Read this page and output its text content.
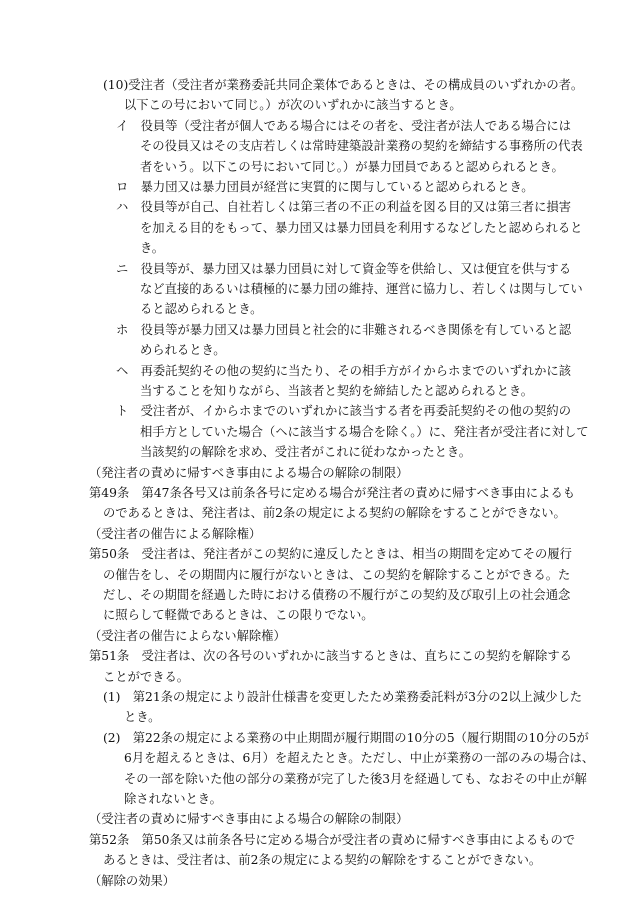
(10)受注者（受注者が業務委託共同企業体であるときは、その構成員のいずれかの者。
以下この号において同じ。）が次のいずれかに該当するとき。
イ　役員等（受注者が個人である場合にはその者を、受注者が法人である場合には
その役員又はその支店若しくは常時建築設計業務の契約を締結する事務所の代表
者をいう。以下この号において同じ。）が暴力団員であると認められるとき。
ロ　暴力団又は暴力団員が経営に実質的に関与していると認められるとき。
ハ　役員等が自己、自社若しくは第三者の不正の利益を図る目的又は第三者に損害
を加える目的をもって、暴力団又は暴力団員を利用するなどしたと認められると
き。
ニ　役員等が、暴力団又は暴力団員に対して資金等を供給し、又は便宜を供与する
など直接的あるいは積極的に暴力団の維持、運営に協力し、若しくは関与してい
ると認められるとき。
ホ　役員等が暴力団又は暴力団員と社会的に非難されるべき関係を有していると認
められるとき。
ヘ　再委託契約その他の契約に当たり、その相手方がイからホまでのいずれかに該
当することを知りながら、当該者と契約を締結したと認められるとき。
ト　受注者が、イからホまでのいずれかに該当する者を再委託契約その他の契約の
相手方としていた場合（ヘに該当する場合を除く。）に、発注者が受注者に対して
当該契約の解除を求め、受注者がこれに従わなかったとき。
（発注者の責めに帰すべき事由による場合の解除の制限）
第49条　第47条各号又は前条各号に定める場合が発注者の責めに帰すべき事由によるも
のであるときは、発注者は、前2条の規定による契約の解除をすることができない。
（受注者の催告による解除権）
第50条　受注者は、発注者がこの契約に違反したときは、相当の期間を定めてその履行
の催告をし、その期間内に履行がないときは、この契約を解除することができる。た
だし、その期間を経過した時における債務の不履行がこの契約及び取引上の社会通念
に照らして軽微であるときは、この限りでない。
（受注者の催告によらない解除権）
第51条　受注者は、次の各号のいずれかに該当するときは、直ちにこの契約を解除する
ことができる。
(1)　第21条の規定により設計仕様書を変更したため業務委託料が3分の2以上減少した
とき。
(2)　第22条の規定による業務の中止期間が履行期間の10分の5（履行期間の10分の5が
6月を超えるときは、6月）を超えたとき。ただし、中止が業務の一部のみの場合は、
その一部を除いた他の部分の業務が完了した後3月を経過しても、なおその中止が解
除されないとき。
（受注者の責めに帰すべき事由による場合の解除の制限）
第52条　第50条又は前条各号に定める場合が受注者の責めに帰すべき事由によるもので
あるときは、受注者は、前2条の規定による契約の解除をすることができない。
（解除の効果）
